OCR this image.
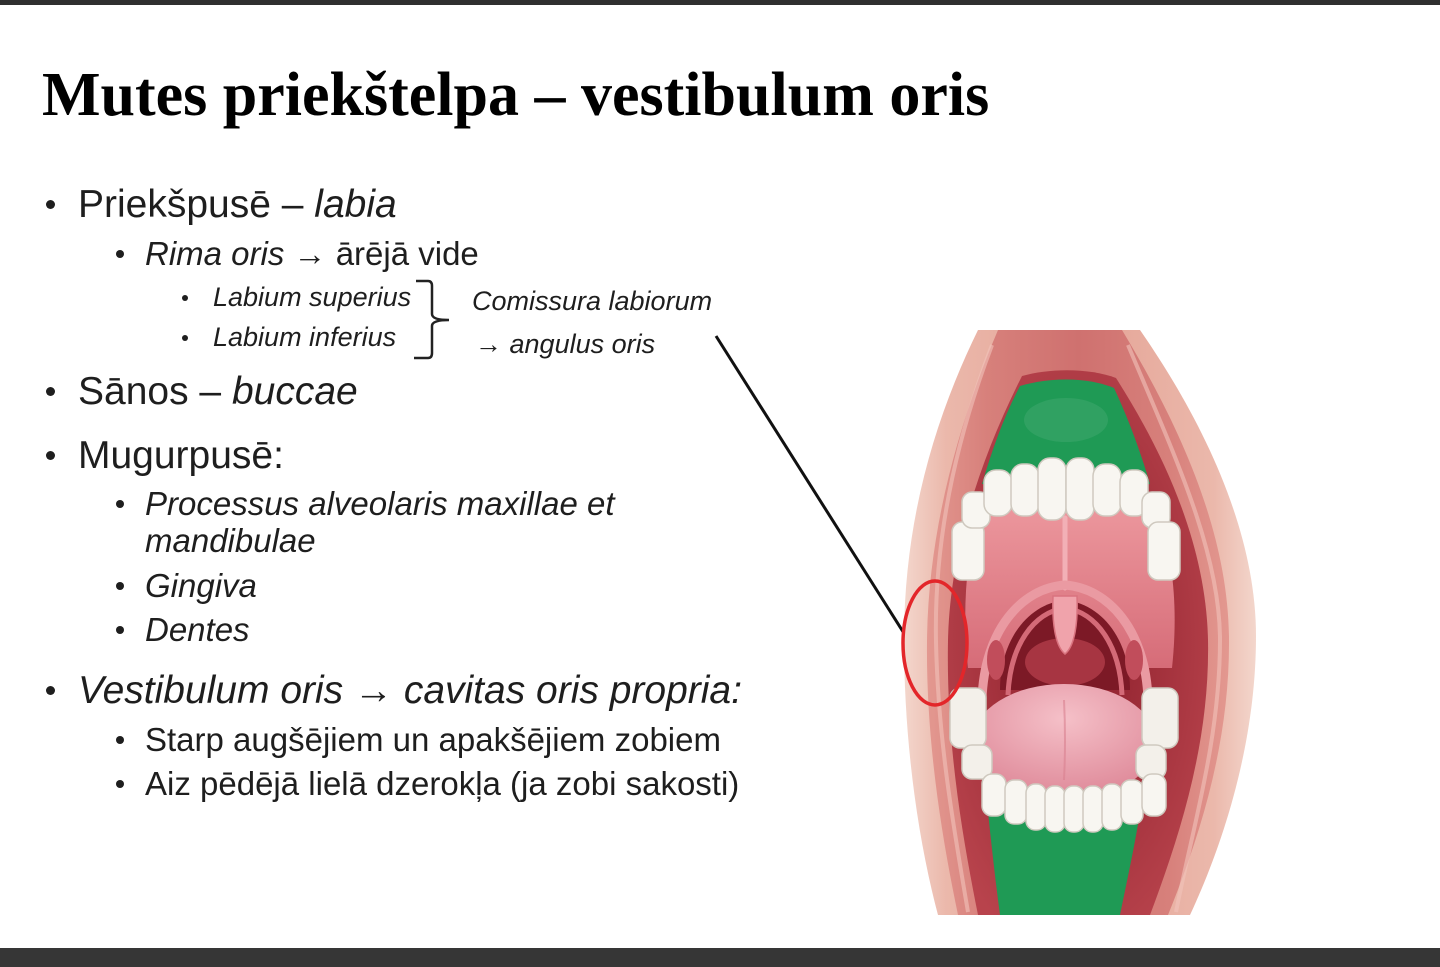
Mutes priekštelpa – vestibulum oris
Priekšpusē – labia
Rima oris → ārējā vide
Labium superius
Labium inferius
Comissura labiorum
→ angulus oris
Sānos – buccae
Mugurpusē:
Processus alveolaris maxillae et mandibulae
Gingiva
Dentes
Vestibulum oris → cavitas oris propria:
Starp augšējiem un apakšējiem zobiem
Aiz pēdējā lielā dzerokļa (ja zobi sakosti)
